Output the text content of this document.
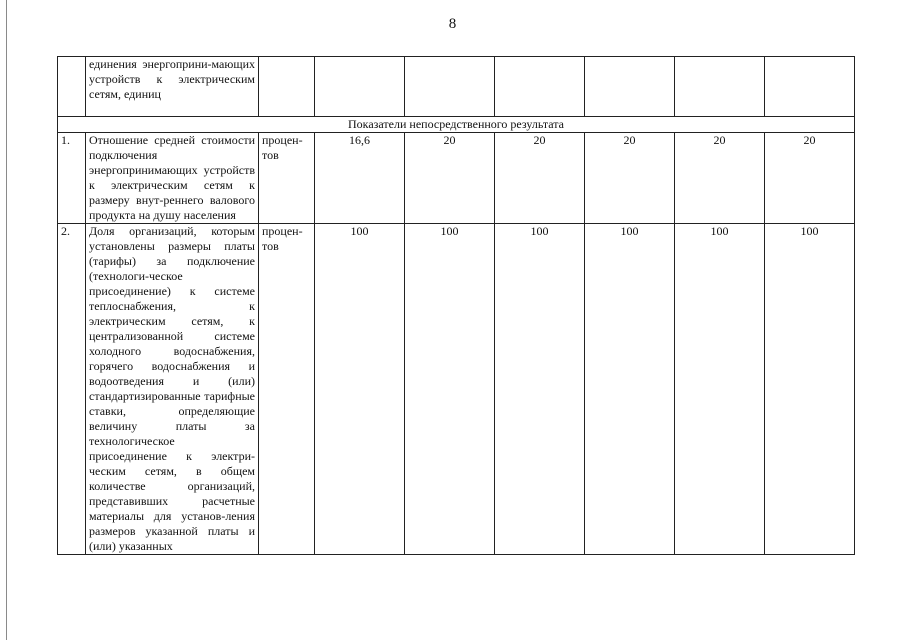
8
	единения энергоприни-мающих устройств к электрическим сетям, единиц							
Показатели непосредственного результата								
1.	Отношение средней стоимости подключения энергопринимающих устройств к электрическим сетям к размеру внут-реннего валового продукта на душу населения	процен-тов	16,6	20	20	20	20	20
2.	Доля организаций, которым установлены размеры платы (тарифы) за подключение (технологи-ческое присоединение) к системе теплоснабжения, к электрическим сетям, к централизованной системе холодного водоснабжения, горячего водоснабжения и водоотведения и (или) стандартизированные тарифные ставки, определяющие величину платы за технологическое присоединение к электри-ческим сетям, в общем количестве организаций, представивших расчетные материалы для установ-ления размеров указанной платы и (или) указанных	процен-тов	100	100	100	100	100	100
